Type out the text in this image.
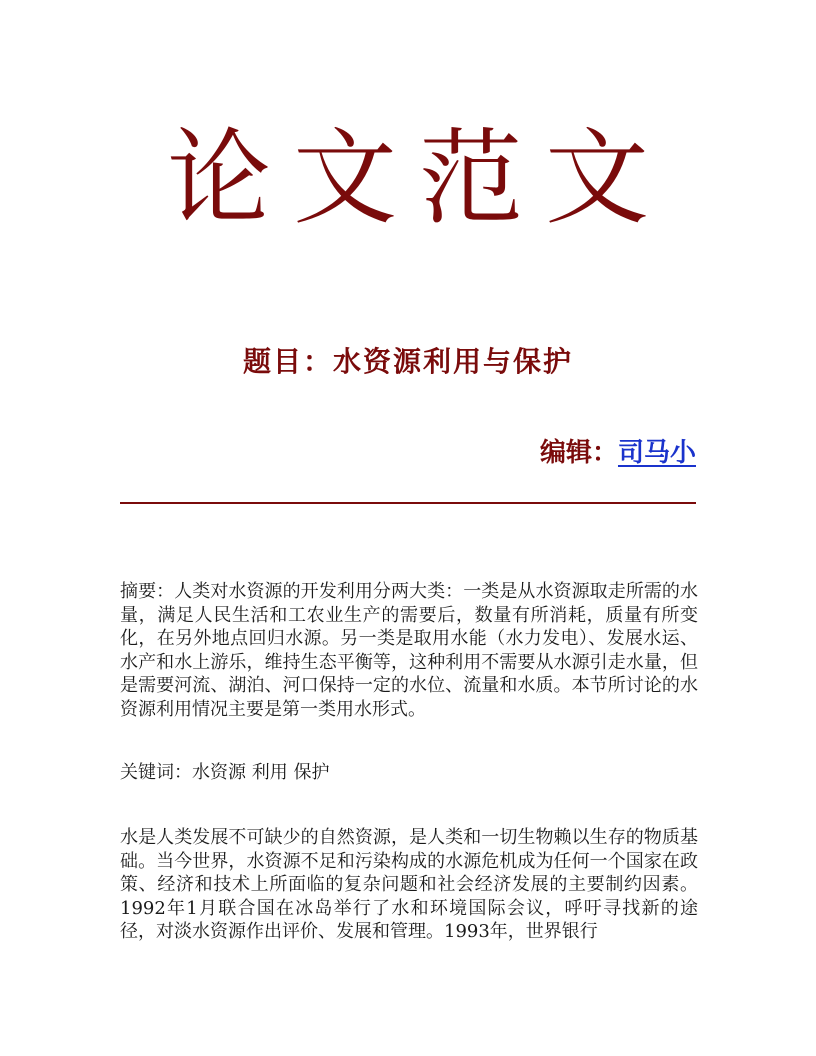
论文范文
题目：水资源利用与保护
编辑：司马小

摘要：人类对水资源的开发利用分两大类：一类是从水资源取走所需的水量，满足人民生活和工农业生产的需要后，数量有所消耗，质量有所变化，在另外地点回归水源。另一类是取用水能（水力发电）、发展水运、水产和水上游乐，维持生态平衡等，这种利用不需要从水源引走水量，但是需要河流、湖泊、河口保持一定的水位、流量和水质。本节所讨论的水资源利用情况主要是第一类用水形式。

关键词：水资源 利用 保护

水是人类发展不可缺少的自然资源，是人类和一切生物赖以生存的物质基础。当今世界，水资源不足和污染构成的水源危机成为任何一个国家在政策、经济和技术上所面临的复杂问题和社会经济发展的主要制约因素。1992年1月联合国在冰岛举行了水和环境国际会议，呼吁寻找新的途径，对淡水资源作出评价、发展和管理。1993年，世界银行
